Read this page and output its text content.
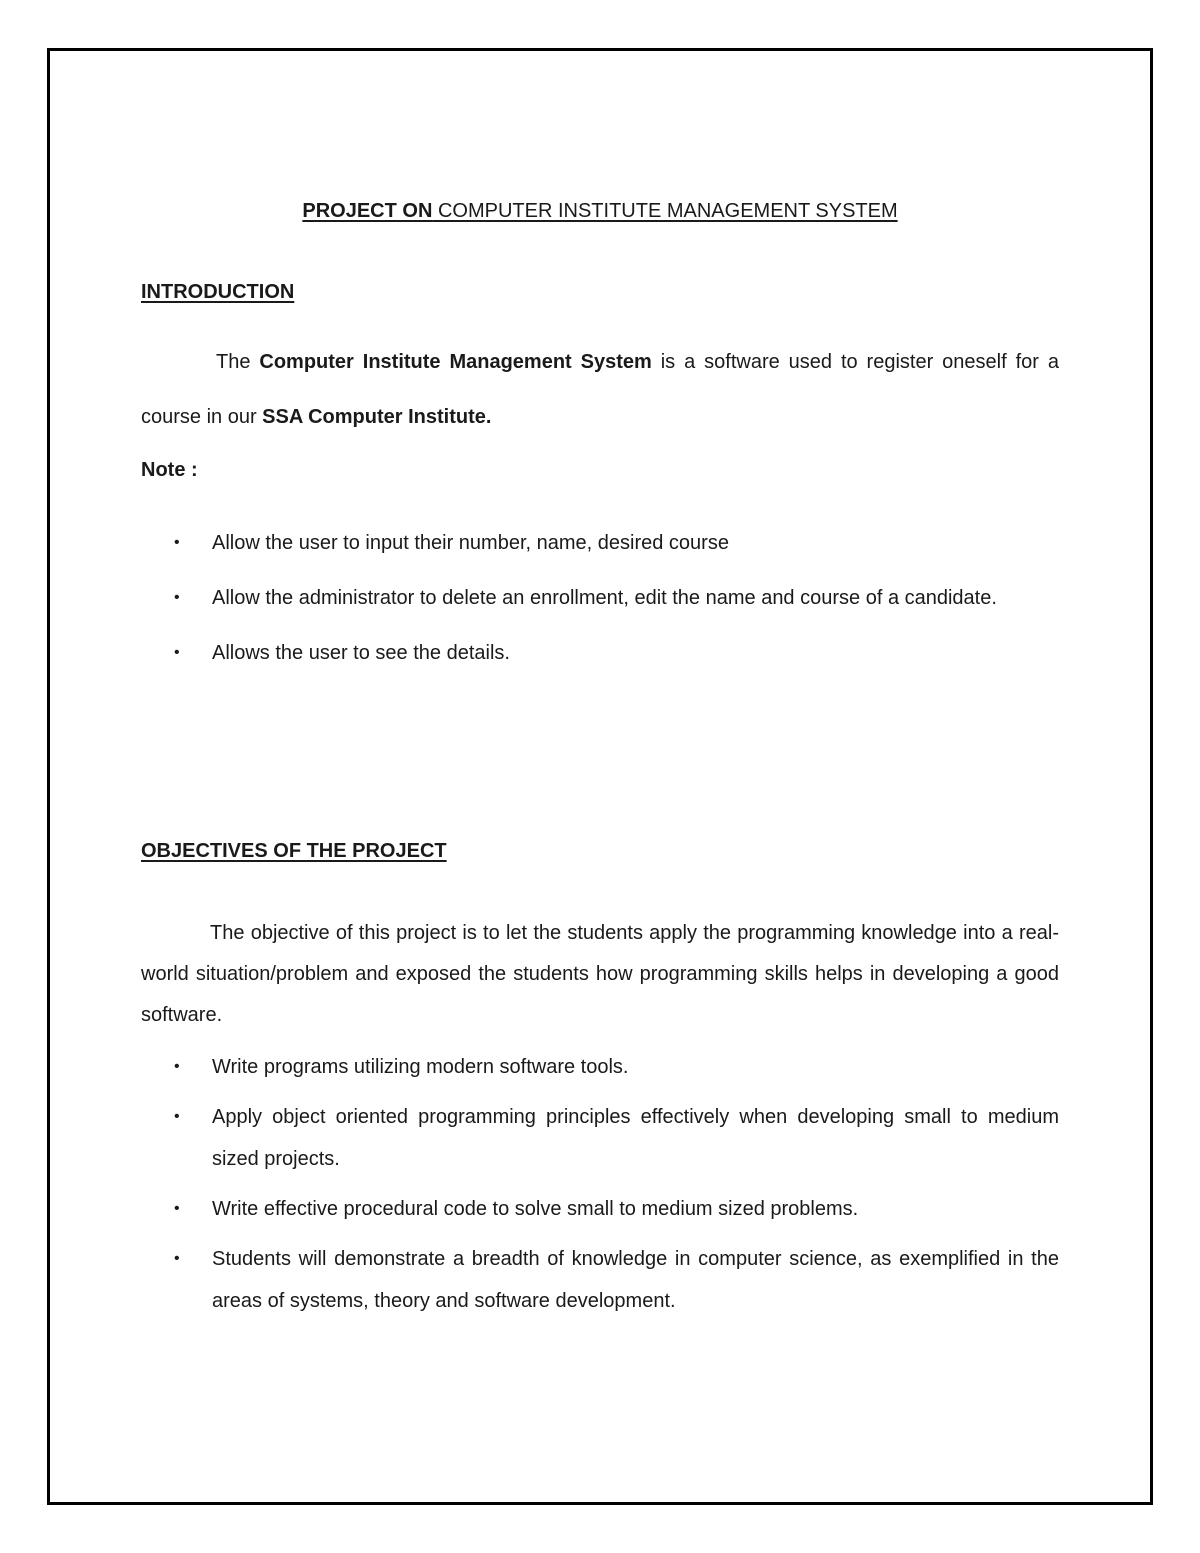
PROJECT ON COMPUTER INSTITUTE MANAGEMENT SYSTEM
INTRODUCTION
The Computer Institute Management System is a software used to register oneself for a course in our SSA Computer Institute.
Note :
• Allow the user to input their number, name, desired course
• Allow the administrator to delete an enrollment, edit the name and course of a candidate.
• Allows the user to see the details.
OBJECTIVES OF THE PROJECT
The objective of this project is to let the students apply the programming knowledge into a real- world situation/problem and exposed the students how programming skills helps in developing a good software.
• Write programs utilizing modern software tools.
• Apply object oriented programming principles effectively when developing small to medium sized projects.
• Write effective procedural code to solve small to medium sized problems.
• Students will demonstrate a breadth of knowledge in computer science, as exemplified in the areas of systems, theory and software development.
